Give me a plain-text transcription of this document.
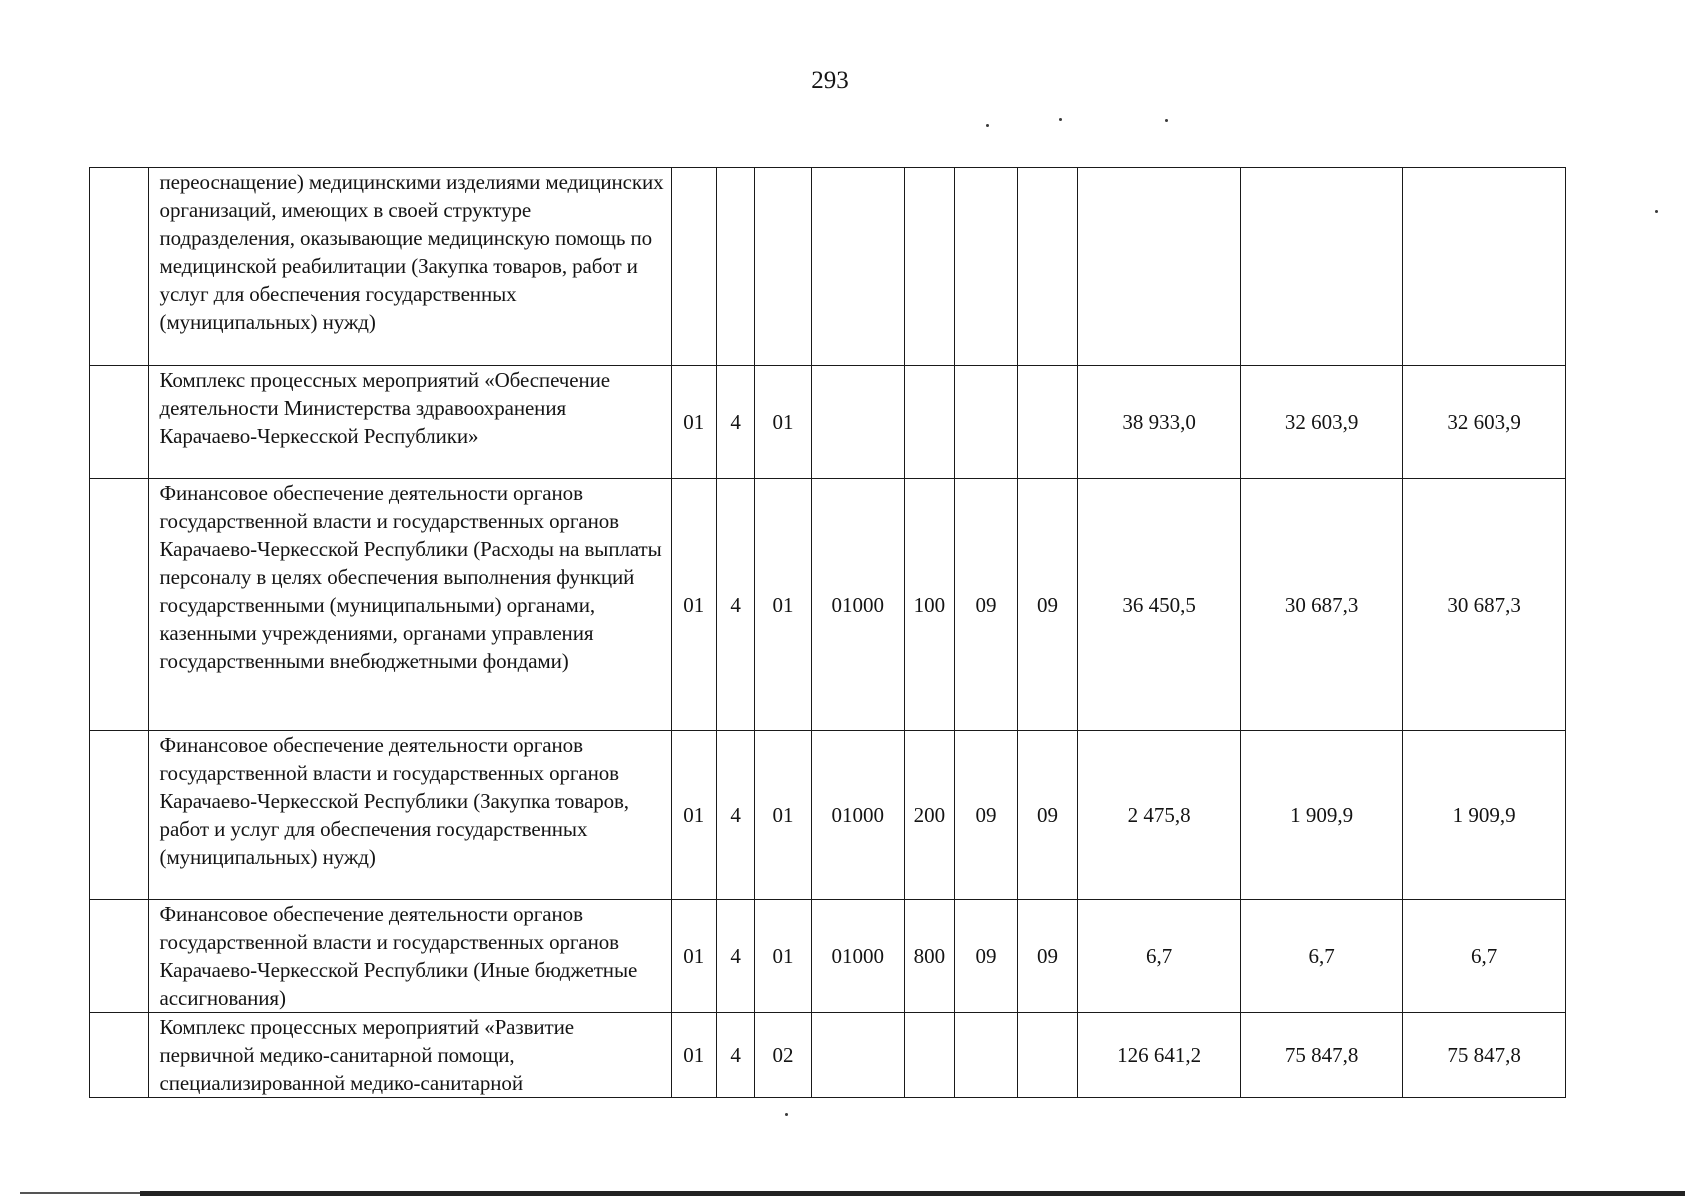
293
	переоснащение) медицинскими изделиями медицинских организаций, имеющих в своей структуре подразделения, оказывающие медицинскую помощь по медицинской реабилитации (Закупка товаров, работ и услуг для обеспечения государственных (муниципальных) нужд)										
	Комплекс процессных мероприятий «Обеспечение деятельности Министерства здравоохранения Карачаево-Черкесской Республики»	01	4	01					38 933,0	32 603,9	32 603,9
	Финансовое обеспечение деятельности органов государственной власти и государственных органов Карачаево-Черкесской Республики (Расходы на выплаты персоналу в целях обеспечения выполнения функций государственными (муниципальными) органами, казенными учреждениями, органами управления государственными внебюджетными фондами)	01	4	01	01000	100	09	09	36 450,5	30 687,3	30 687,3
	Финансовое обеспечение деятельности органов государственной власти и государственных органов Карачаево-Черкесской Республики (Закупка товаров, работ и услуг для обеспечения государственных (муниципальных) нужд)	01	4	01	01000	200	09	09	2 475,8	1 909,9	1 909,9
	Финансовое обеспечение деятельности органов государственной власти и государственных органов Карачаево-Черкесской Республики (Иные бюджетные ассигнования)	01	4	01	01000	800	09	09	6,7	6,7	6,7
	Комплекс процессных мероприятий «Развитие первичной медико-санитарной помощи, специализированной медико-санитарной	01	4	02					126 641,2	75 847,8	75 847,8
